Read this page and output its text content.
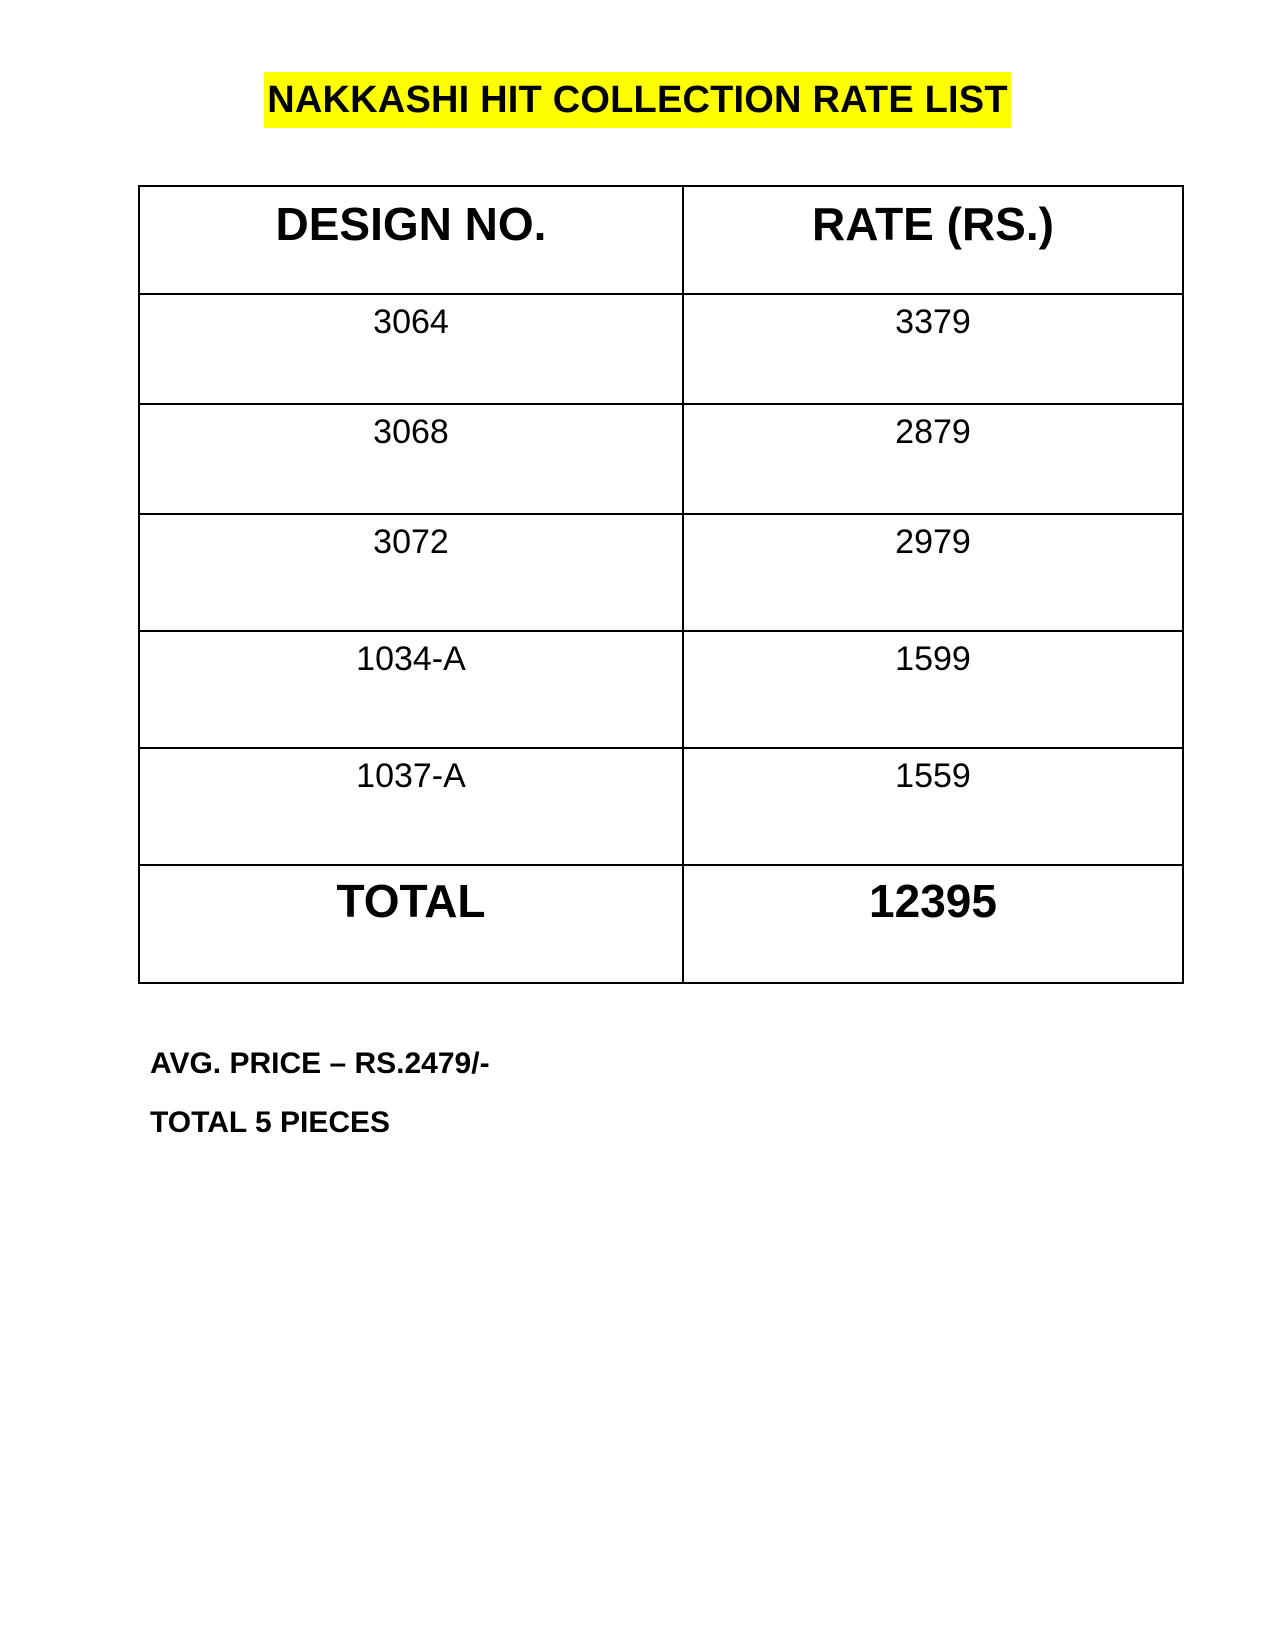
NAKKASHI HIT COLLECTION RATE LIST
DESIGN NO.	RATE (RS.)
3064	3379
3068	2879
3072	2979
1034-A	1599
1037-A	1559
TOTAL	12395
AVG. PRICE – RS.2479/-
TOTAL 5 PIECES
